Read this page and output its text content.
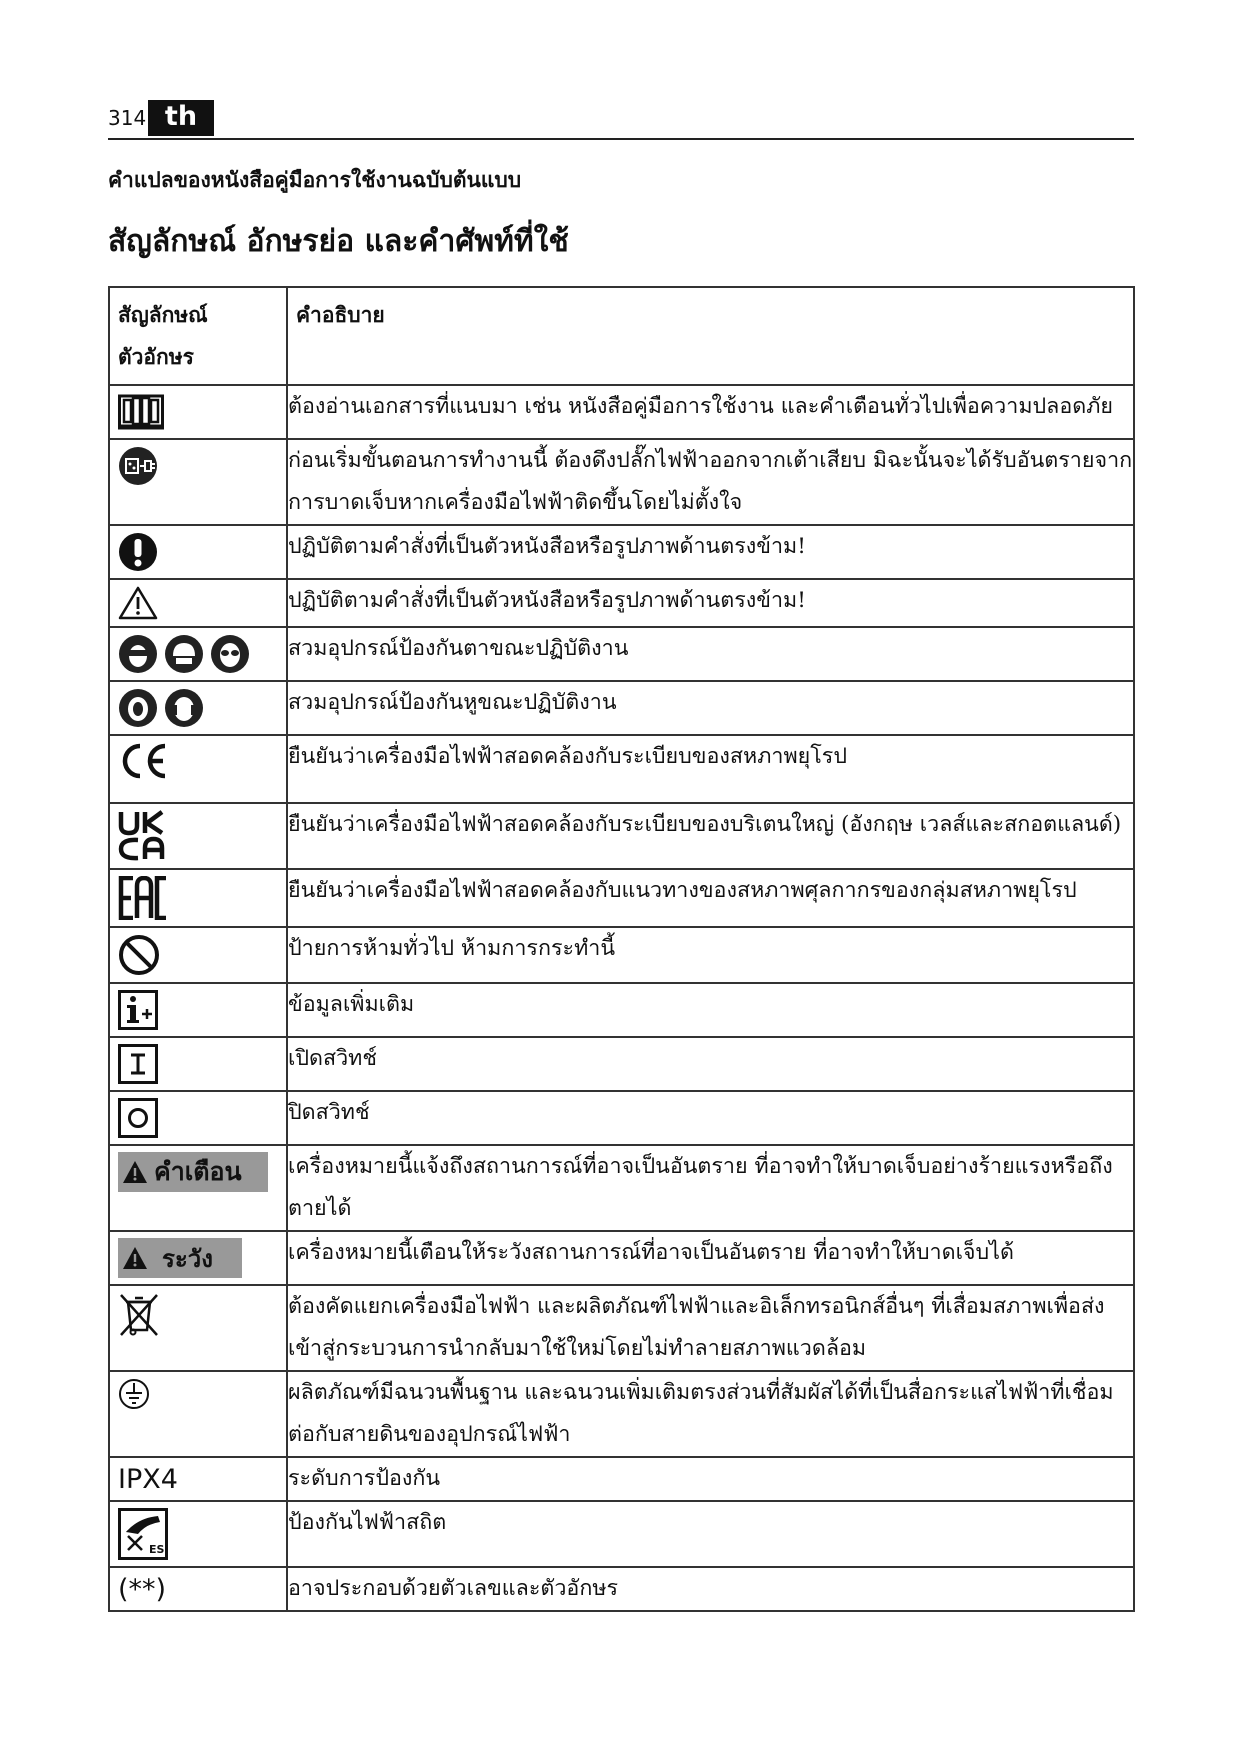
314 th
คำแปลของหนังสือคู่มือการใช้งานฉบับต้นแบบ
สัญลักษณ์ อักษรย่อ และคำศัพท์ที่ใช้
สัญลักษณ์
ตัวอักษร	คำอธิบาย

	ต้องอ่านเอกสารที่แนบมา เช่น หนังสือคู่มือการใช้งาน และคำเตือนทั่วไปเพื่อความปลอดภัย

	ก่อนเริ่มขั้นตอนการทำงานนี้ ต้องดึงปลั๊กไฟฟ้าออกจากเต้าเสียบ มิฉะนั้นจะได้รับอันตรายจากการบาดเจ็บหากเครื่องมือไฟฟ้าติดขึ้นโดยไม่ตั้งใจ

	ปฏิบัติตามคำสั่งที่เป็นตัวหนังสือหรือรูปภาพด้านตรงข้าม!

	ปฏิบัติตามคำสั่งที่เป็นตัวหนังสือหรือรูปภาพด้านตรงข้าม!

	สวมอุปกรณ์ป้องกันตาขณะปฏิบัติงาน

	สวมอุปกรณ์ป้องกันหูขณะปฏิบัติงาน

	ยืนยันว่าเครื่องมือไฟฟ้าสอดคล้องกับระเบียบของสหภาพยุโรป

	ยืนยันว่าเครื่องมือไฟฟ้าสอดคล้องกับระเบียบของบริเตนใหญ่ (อังกฤษ เวลส์และสกอตแลนด์)

	ยืนยันว่าเครื่องมือไฟฟ้าสอดคล้องกับแนวทางของสหภาพศุลกากรของกลุ่มสหภาพยุโรป

	ป้ายการห้ามทั่วไป ห้ามการกระทำนี้

	ข้อมูลเพิ่มเติม

	เปิดสวิทช์

	ปิดสวิทช์

คำเตือน	เครื่องหมายนี้แจ้งถึงสถานการณ์ที่อาจเป็นอันตราย ที่อาจทำให้บาดเจ็บอย่างร้ายแรงหรือถึงตายได้

ระวัง	เครื่องหมายนี้เตือนให้ระวังสถานการณ์ที่อาจเป็นอันตราย ที่อาจทำให้บาดเจ็บได้

	ต้องคัดแยกเครื่องมือไฟฟ้า และผลิตภัณฑ์ไฟฟ้าและอิเล็กทรอนิกส์อื่นๆ ที่เสื่อมสภาพเพื่อส่งเข้าสู่กระบวนการนำกลับมาใช้ใหม่โดยไม่ทำลายสภาพแวดล้อม

	ผลิตภัณฑ์มีฉนวนพื้นฐาน และฉนวนเพิ่มเติมตรงส่วนที่สัมผัสได้ที่เป็นสื่อกระแสไฟฟ้าที่เชื่อมต่อกับสายดินของอุปกรณ์ไฟฟ้า
IPX4	ระดับการป้องกัน

ES	ป้องกันไฟฟ้าสถิต
(**)	อาจประกอบด้วยตัวเลขและตัวอักษร
